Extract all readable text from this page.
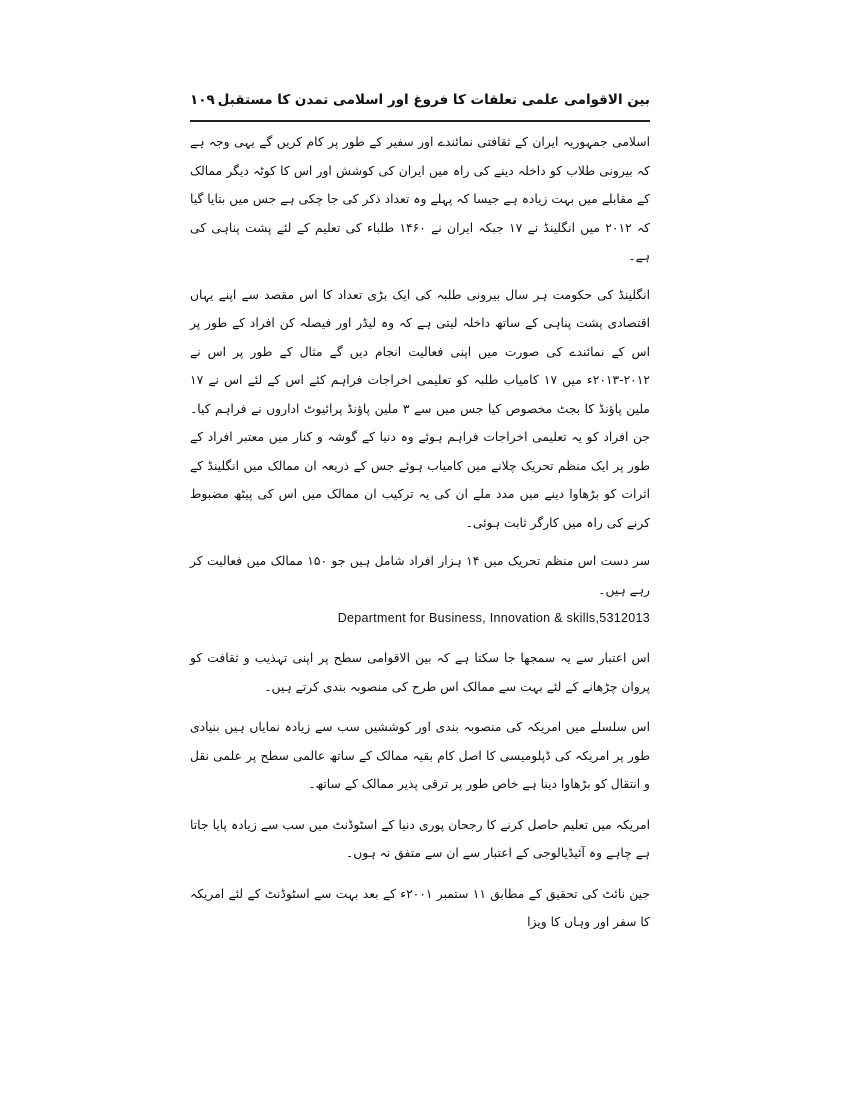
بین الاقوامی علمی تعلقات کا فروغ اور اسلامی تمدن کا مستقبل
۱۰۹

اسلامی جمہوریہ ایران کے ثقافتی نمائندے اور سفیر کے طور پر کام کریں گے یہی وجہ ہے کہ بیرونی طلاب کو داخلہ دینے کی راہ میں ایران کی کوشش اور اس کا کوٹہ دیگر ممالک کے مقابلے میں بہت زیادہ ہے جیسا کہ پہلے وہ تعداد ذکر کی جا چکی ہے جس میں بتایا گیا کہ ۲۰۱۲ میں انگلینڈ نے ۱۷ جبکہ ایران نے ۱۴۶۰ طلباء کی تعلیم کے لئے پشت پناہی کی ہے۔

انگلینڈ کی حکومت ہر سال بیرونی طلبہ کی ایک بڑی تعداد کا اس مقصد سے اپنے یہاں اقتصادی پشت پناہی کے ساتھ داخلہ لیتی ہے کہ وہ لیڈر اور فیصلہ کن افراد کے طور پر اس کے نمائندے کی صورت میں اپنی فعالیت انجام دیں گے مثال کے طور پر اس نے ۲۰۱۲-۲۰۱۳ء میں ۱۷ کامیاب طلبہ کو تعلیمی اخراجات فراہم کئے اس کے لئے اس نے ۱۷ ملین پاؤنڈ کا بجٹ مخصوص کیا جس میں سے ۳ ملین پاؤنڈ پرائیوٹ اداروں نے فراہم کیا۔ جن افراد کو یہ تعلیمی اخراجات فراہم ہوئے وہ دنیا کے گوشہ و کنار میں معتبر افراد کے طور پر ایک منظم تحریک چلانے میں کامیاب ہوئے جس کے ذریعہ ان ممالک میں انگلینڈ کے اثرات کو بڑھاوا دینے میں مدد ملے ان کی یہ ترکیب ان ممالک میں اس کی پیٹھ مضبوط کرنے کی راہ میں کارگر ثابت ہوئی۔

سر دست اس منظم تحریک میں ۱۴ ہزار افراد شامل ہیں جو ۱۵۰ ممالک میں فعالیت کر رہے ہیں۔

Department for Business, Innovation & skills,5312013

اس اعتبار سے یہ سمجھا جا سکتا ہے کہ بین الاقوامی سطح پر اپنی تہذیب و ثقافت کو پروان چڑھانے کے لئے بہت سے ممالک اس طرح کی منصوبہ بندی کرتے ہیں۔

اس سلسلے میں امریکہ کی منصوبہ بندی اور کوششیں سب سے زیادہ نمایاں ہیں بنیادی طور پر امریکہ کی ڈپلومیسی کا اصل کام بقیہ ممالک کے ساتھ عالمی سطح پر علمی نقل و انتقال کو بڑھاوا دینا ہے خاص طور پر ترقی پذیر ممالک کے ساتھ۔

امریکہ میں تعلیم حاصل کرنے کا رجحان پوری دنیا کے اسٹوڈنٹ میں سب سے زیادہ پایا جاتا ہے چاہے وہ آئیڈیالوجی کے اعتبار سے ان سے متفق نہ ہوں۔

جین نائٹ کی تحقیق کے مطابق ۱۱ ستمبر ۲۰۰۱ء کے بعد بہت سے اسٹوڈنٹ کے لئے امریکہ کا سفر اور وہاں کا ویزا
